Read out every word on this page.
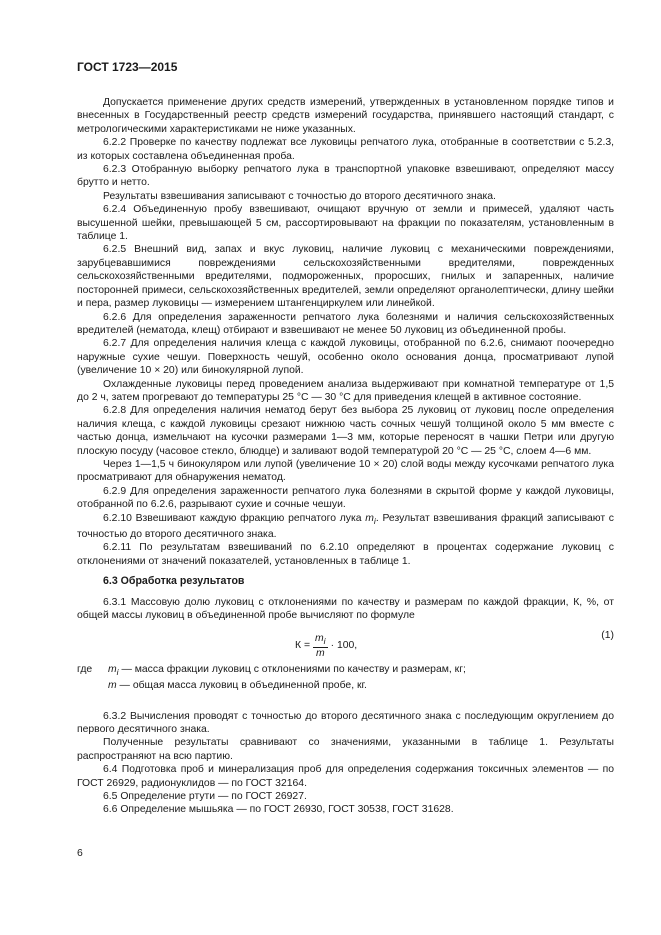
ГОСТ 1723—2015

Допускается применение других средств измерений, утвержденных в установленном порядке типов и внесенных в Государственный реестр средств измерений государства, принявшего настоящий стандарт, с метрологическими характеристиками не ниже указанных.

6.2.2 Проверке по качеству подлежат все луковицы репчатого лука, отобранные в соответствии с 5.2.3, из которых составлена объединенная проба.

6.2.3 Отобранную выборку репчатого лука в транспортной упаковке взвешивают, определяют массу брутто и нетто.

Результаты взвешивания записывают с точностью до второго десятичного знака.

6.2.4 Объединенную пробу взвешивают, очищают вручную от земли и примесей, удаляют часть высушенной шейки, превышающей 5 см, рассортировывают на фракции по показателям, установленным в таблице 1.

6.2.5 Внешний вид, запах и вкус луковиц, наличие луковиц с механическими повреждениями, зарубцевавшимися повреждениями сельскохозяйственными вредителями, поврежденных сельскохозяйственными вредителями, подмороженных, проросших, гнилых и запаренных, наличие посторонней примеси, сельскохозяйственных вредителей, земли определяют органолептически, длину шейки и пера, размер луковицы — измерением штангенциркулем или линейкой.

6.2.6 Для определения зараженности репчатого лука болезнями и наличия сельскохозяйственных вредителей (нематода, клещ) отбирают и взвешивают не менее 50 луковиц из объединенной пробы.

6.2.7 Для определения наличия клеща с каждой луковицы, отобранной по 6.2.6, снимают поочередно наружные сухие чешуи. Поверхность чешуй, особенно около основания донца, просматривают лупой (увеличение 10 × 20) или бинокулярной лупой.

Охлажденные луковицы перед проведением анализа выдерживают при комнатной температуре от 1,5 до 2 ч, затем прогревают до температуры 25 °С — 30 °С для приведения клещей в активное состояние.

6.2.8 Для определения наличия нематод берут без выбора 25 луковиц от луковиц после определения наличия клеща, с каждой луковицы срезают нижнюю часть сочных чешуй толщиной около 5 мм вместе с частью донца, измельчают на кусочки размерами 1—3 мм, которые переносят в чашки Петри или другую плоскую посуду (часовое стекло, блюдце) и заливают водой температурой 20 °С — 25 °С, слоем 4—6 мм.

Через 1—1,5 ч бинокуляром или лупой (увеличение 10 × 20) слой воды между кусочками репчатого лука просматривают для обнаружения нематод.

6.2.9 Для определения зараженности репчатого лука болезнями в скрытой форме у каждой луковицы, отобранной по 6.2.6, разрывают сухие и сочные чешуи.

6.2.10 Взвешивают каждую фракцию репчатого лука $m_i$. Результат взвешивания фракций записывают с точностью до второго десятичного знака.

6.2.11 По результатам взвешиваний по 6.2.10 определяют в процентах содержание луковиц с отклонениями от значений показателей, установленных в таблице 1.

6.3 Обработка результатов

6.3.1 Массовую долю луковиц с отклонениями по качеству и размерам по каждой фракции, К, %, от общей массы луковиц в объединенной пробе вычисляют по формуле

$К = \frac{m_i}{m} \cdot 100$,
(1)
где $m_i$ — масса фракции луковиц с отклонениями по качеству и размерам, кг;
m — общая масса луковиц в объединенной пробе, кг.

6.3.2 Вычисления проводят с точностью до второго десятичного знака с последующим округлением до первого десятичного знака.

Полученные результаты сравнивают со значениями, указанными в таблице 1. Результаты распространяют на всю партию.

6.4 Подготовка проб и минерализация проб для определения содержания токсичных элементов — по ГОСТ 26929, радионуклидов — по ГОСТ 32164.

6.5 Определение ртути — по ГОСТ 26927.

6.6 Определение мышьяка — по ГОСТ 26930, ГОСТ 30538, ГОСТ 31628.

6
